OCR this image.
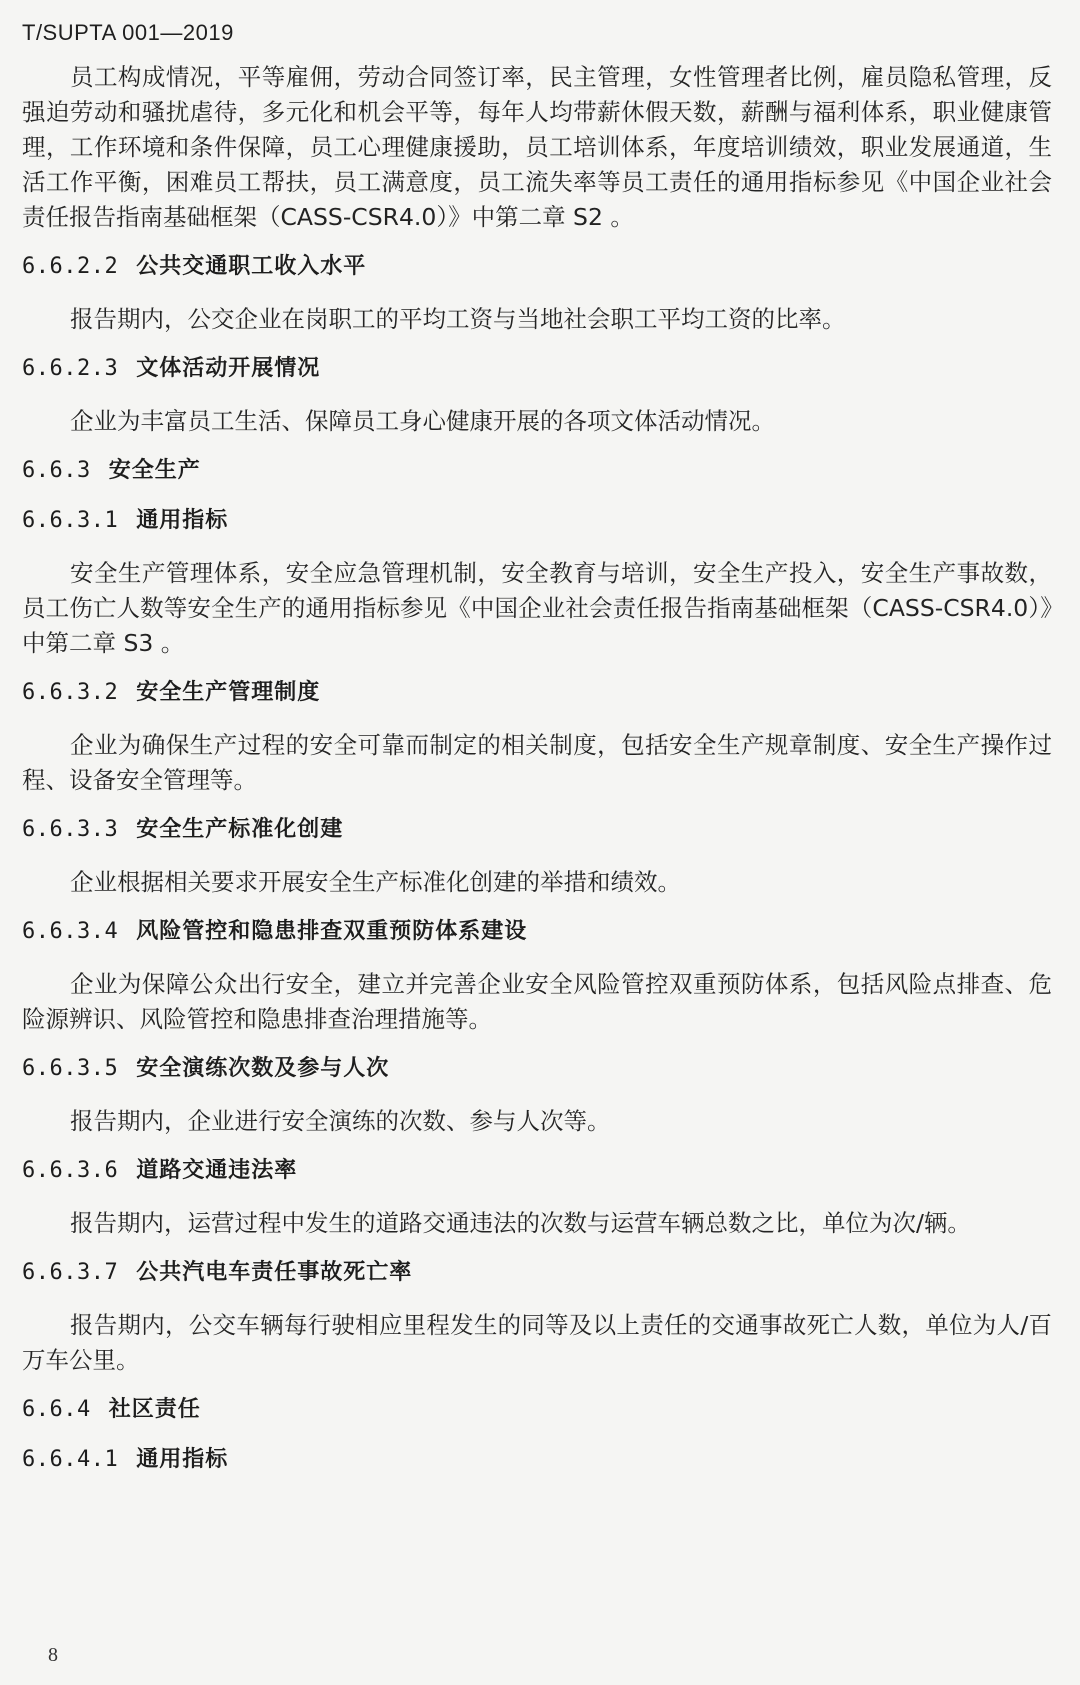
T/SUPTA 001—2019

员工构成情况，平等雇佣，劳动合同签订率，民主管理，女性管理者比例，雇员隐私管理，反强迫劳动和骚扰虐待，多元化和机会平等，每年人均带薪休假天数，薪酬与福利体系，职业健康管理，工作环境和条件保障，员工心理健康援助，员工培训体系，年度培训绩效，职业发展通道，生活工作平衡，困难员工帮扶，员工满意度，员工流失率等员工责任的通用指标参见《中国企业社会责任报告指南基础框架（CASS-CSR4.0）》中第二章 S2 。

6.6.2.2 公共交通职工收入水平

报告期内，公交企业在岗职工的平均工资与当地社会职工平均工资的比率。

6.6.2.3 文体活动开展情况

企业为丰富员工生活、保障员工身心健康开展的各项文体活动情况。

6.6.3 安全生产
6.6.3.1 通用指标

安全生产管理体系，安全应急管理机制，安全教育与培训，安全生产投入，安全生产事故数，员工伤亡人数等安全生产的通用指标参见《中国企业社会责任报告指南基础框架（CASS-CSR4.0）》中第二章 S3 。

6.6.3.2 安全生产管理制度

企业为确保生产过程的安全可靠而制定的相关制度，包括安全生产规章制度、安全生产操作过程、设备安全管理等。

6.6.3.3 安全生产标准化创建

企业根据相关要求开展安全生产标准化创建的举措和绩效。

6.6.3.4 风险管控和隐患排查双重预防体系建设

企业为保障公众出行安全，建立并完善企业安全风险管控双重预防体系，包括风险点排查、危险源辨识、风险管控和隐患排查治理措施等。

6.6.3.5 安全演练次数及参与人次

报告期内，企业进行安全演练的次数、参与人次等。

6.6.3.6 道路交通违法率

报告期内，运营过程中发生的道路交通违法的次数与运营车辆总数之比，单位为次/辆。

6.6.3.7 公共汽电车责任事故死亡率

报告期内，公交车辆每行驶相应里程发生的同等及以上责任的交通事故死亡人数，单位为人/百万车公里。

6.6.4 社区责任
6.6.4.1 通用指标
8
